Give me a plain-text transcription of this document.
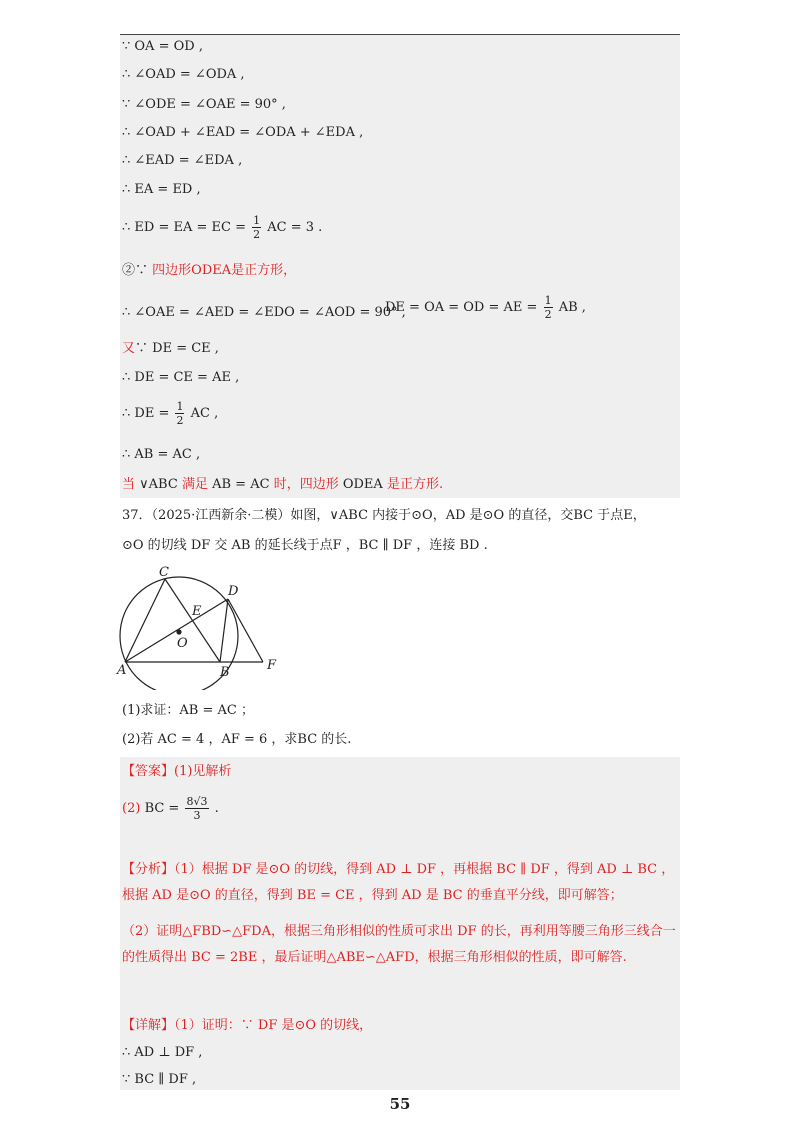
∵ OA = OD ,
∴ ∠OAD = ∠ODA ,
∵ ∠ODE = ∠OAE = 90° ,
∴ ∠OAD + ∠EAD = ∠ODA + ∠EDA ,
∴ ∠EAD = ∠EDA ,
∴ EA = ED ,
∴ ED = EA = EC = $\frac{1}{2}$ AC = 3 .
②∵ 四边形ODEA是正方形，
∴ ∠OAE = ∠AED = ∠EDO = ∠AOD = 90° ,
DE = OA = OD = AE = $\frac{1}{2}$ AB ,
又∵ DE = CE ,
∴ DE = CE = AE ,
∴ DE = $\frac{1}{2}$ AC ,
∴ AB = AC ,
当 ∨ABC 满足 AB = AC 时，四边形 ODEA 是正方形.
37．（2025·江西新余·二模）如图，∨ABC 内接于⊙O，AD 是⊙O 的直径，交BC 于点E，
⊙O 的切线 DF 交 AB 的延长线于点F ，BC ∥ DF ，连接 BD .
C
D
E
O
A	B	F
(1)求证：AB = AC ；
(2)若 AC = 4 ，AF = 6 ，求BC 的长.
【答案】(1)见解析
(2) BC = $\frac{8√3}{3}$ .
【分析】（1）根据 DF 是⊙O 的切线，得到 AD ⊥ DF ，再根据 BC ∥ DF ，得到 AD ⊥ BC ，根据 AD 是⊙O 的直径，得到 BE = CE ，得到 AD 是 BC 的垂直平分线，即可解答；
（2）证明△FBD∽△FDA，根据三角形相似的性质可求出 DF 的长，再利用等腰三角形三线合一的性质得出 BC = 2BE ，最后证明△ABE∽△AFD，根据三角形相似的性质，即可解答.
【详解】（1）证明：∵ DF 是⊙O 的切线，
∴ AD ⊥ DF ,
∵ BC ∥ DF ,
55
